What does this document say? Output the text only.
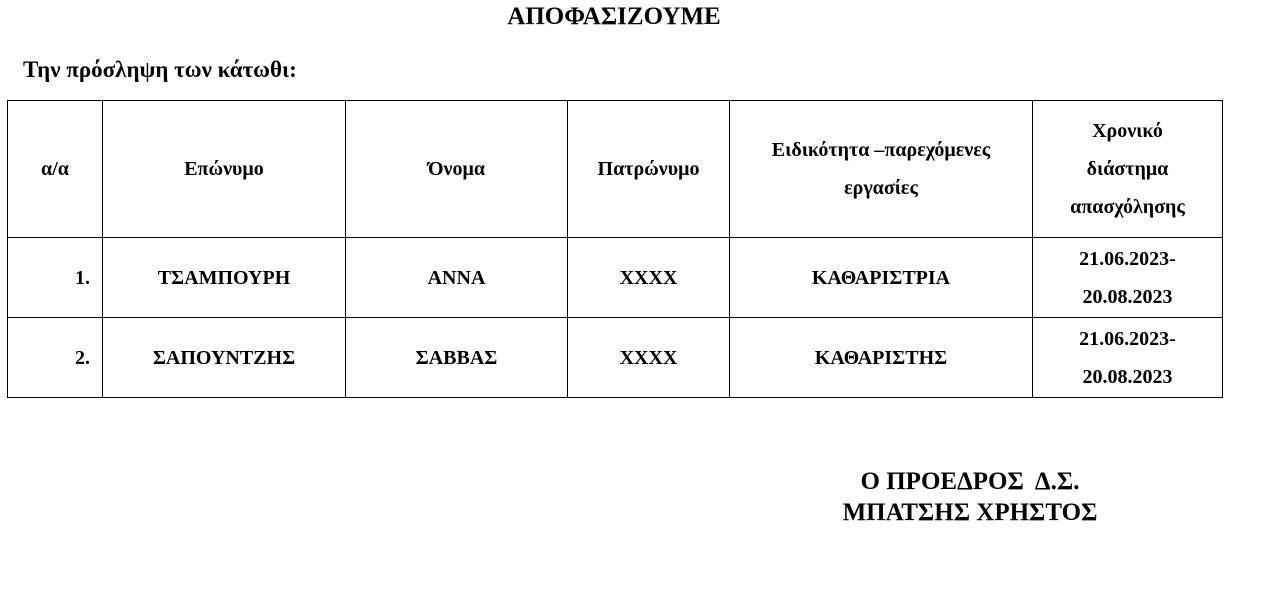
ΑΠΟΦΑΣΙΖΟΥΜΕ

Την πρόσληψη των κάτωθι:

α/α	Επώνυμο	Όνομα	Πατρώνυμο	Ειδικότητα –παρεχόμενες εργασίες	Χρονικό διάστημα απασχόλησης
1.	ΤΣΑΜΠΟΥΡΗ	ΑΝΝΑ	ΧΧΧΧ	ΚΑΘΑΡΙΣΤΡΙΑ	21.06.2023-20.08.2023
2.	ΣΑΠΟΥΝΤΖΗΣ	ΣΑΒΒΑΣ	ΧΧΧΧ	ΚΑΘΑΡΙΣΤΗΣ	21.06.2023-20.08.2023
Ο ΠΡΟΕΔΡΟΣ  Δ.Σ.
ΜΠΑΤΣΗΣ ΧΡΗΣΤΟΣ
